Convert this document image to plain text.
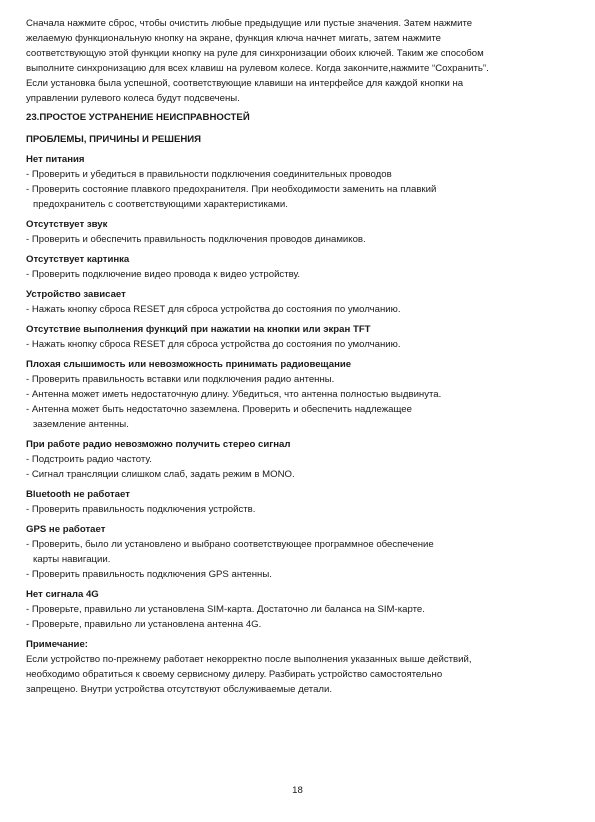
Сначала нажмите сброс, чтобы очистить любые предыдущие или пустые значения. Затем нажмите

желаемую функциональную кнопку на экране, функция ключа начнет мигать, затем нажмите

соответствующую этой функции кнопку на руле для синхронизации обоих ключей. Таким же способом

выполните синхронизацию для всех клавиш на рулевом колесе. Когда закончите,нажмите “Сохранить”.

Если установка была успешной, соответствующие клавиши на интерфейсе для каждой кнопки на

управлении рулевого колеса будут подсвечены.

23.ПРОСТОЕ УСТРАНЕНИЕ НЕИСПРАВНОСТЕЙ

ПРОБЛЕМЫ, ПРИЧИНЫ И РЕШЕНИЯ

Нет питания

- Проверить и убедиться в правильности подключения соединительных проводов
- Проверить состояние плавкого предохранителя. При необходимости заменить на плавкий
предохранитель с соответствующими характеристиками.

Отсутствует звук

- Проверить и обеспечить правильность подключения проводов динамиков.

Отсутствует картинка

- Проверить подключение видео провода к видео устройству.

Устройство зависает

- Нажать кнопку сброса RESET для сброса устройства до состояния по умолчанию.

Отсутствие выполнения функций при нажатии на кнопки или экран TFT

- Нажать кнопку сброса RESET для сброса устройства до состояния по умолчанию.

Плохая слышимость или невозможность принимать радиовещание

- Проверить правильность вставки или подключения радио антенны.
- Антенна может иметь недостаточную длину. Убедиться, что антенна полностью выдвинута.
- Антенна может быть недостаточно заземлена. Проверить и обеспечить надлежащее
заземление антенны.

При работе радио невозможно получить стерео сигнал

- Подстроить радио частоту.
- Сигнал трансляции слишком слаб, задать режим в MONO.

Bluetooth не работает

- Проверить правильность подключения устройств.

GPS не работает

- Проверить, было ли установлено и выбрано соответствующее программное обеспечение
карты навигации.
- Проверить правильность подключения GPS антенны.

Нет сигнала 4G

- Проверьте, правильно ли установлена SIM-карта. Достаточно ли баланса на SIM-карте.
- Проверьте, правильно ли установлена антенна 4G.

Примечание:

Если устройство по-прежнему работает некорректно после выполнения указанных выше действий,

необходимо обратиться к своему сервисному дилеру. Разбирать устройство самостоятельно

запрещено. Внутри устройства отсутствуют обслуживаемые детали.

18
